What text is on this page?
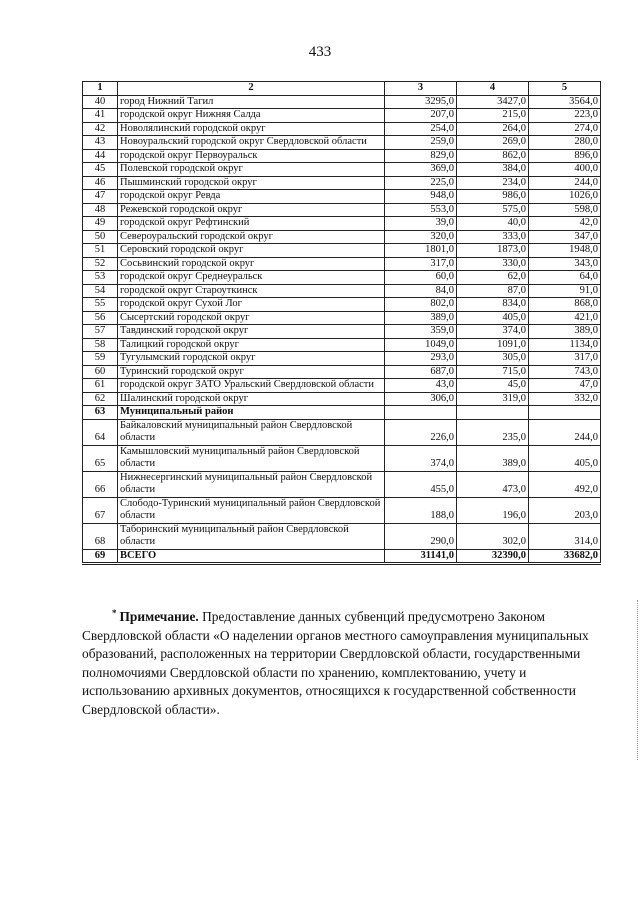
433
1	2	3	4	5
40	город Нижний Тагил	3295,0	3427,0	3564,0
41	городской округ Нижняя Салда	207,0	215,0	223,0
42	Новолялинский городской округ	254,0	264,0	274,0
43	Новоуральский городской округ Свердловской области	259,0	269,0	280,0
44	городской округ Первоуральск	829,0	862,0	896,0
45	Полевской городской округ	369,0	384,0	400,0
46	Пышминский городской округ	225,0	234,0	244,0
47	городской округ Ревда	948,0	986,0	1026,0
48	Режевской городской округ	553,0	575,0	598,0
49	городской округ Рефтинский	39,0	40,0	42,0
50	Североуральский городской округ	320,0	333,0	347,0
51	Серовский городской округ	1801,0	1873,0	1948,0
52	Сосьвинский городской округ	317,0	330,0	343,0
53	городской округ Среднеуральск	60,0	62,0	64,0
54	городской округ Староуткинск	84,0	87,0	91,0
55	городской округ Сухой Лог	802,0	834,0	868,0
56	Сысертский городской округ	389,0	405,0	421,0
57	Тавдинский городской округ	359,0	374,0	389,0
58	Талицкий городской округ	1049,0	1091,0	1134,0
59	Тугулымский городской округ	293,0	305,0	317,0
60	Туринский городской округ	687,0	715,0	743,0
61	городской округ ЗАТО Уральский Свердловской области	43,0	45,0	47,0
62	Шалинский городской округ	306,0	319,0	332,0
63	Муниципальный район			
64	Байкаловский муниципальный район Свердловской области	226,0	235,0	244,0
65	Камышловский муниципальный район Свердловской области	374,0	389,0	405,0
66	Нижнесергинский муниципальный район Свердловской области	455,0	473,0	492,0
67	Слободо-Туринский муниципальный район Свердловской области	188,0	196,0	203,0
68	Таборинский муниципальный район Свердловской области	290,0	302,0	314,0
69	ВСЕГО	31141,0	32390,0	33682,0
* Примечание. Предоставление данных субвенций предусмотрено Законом Свердловской области «О наделении органов местного самоуправления муниципальных образований, расположенных на территории Свердловской области, государственными полномочиями Свердловской области по хранению, комплектованию, учету и использованию архивных документов, относящихся к государственной собственности Свердловской области».
